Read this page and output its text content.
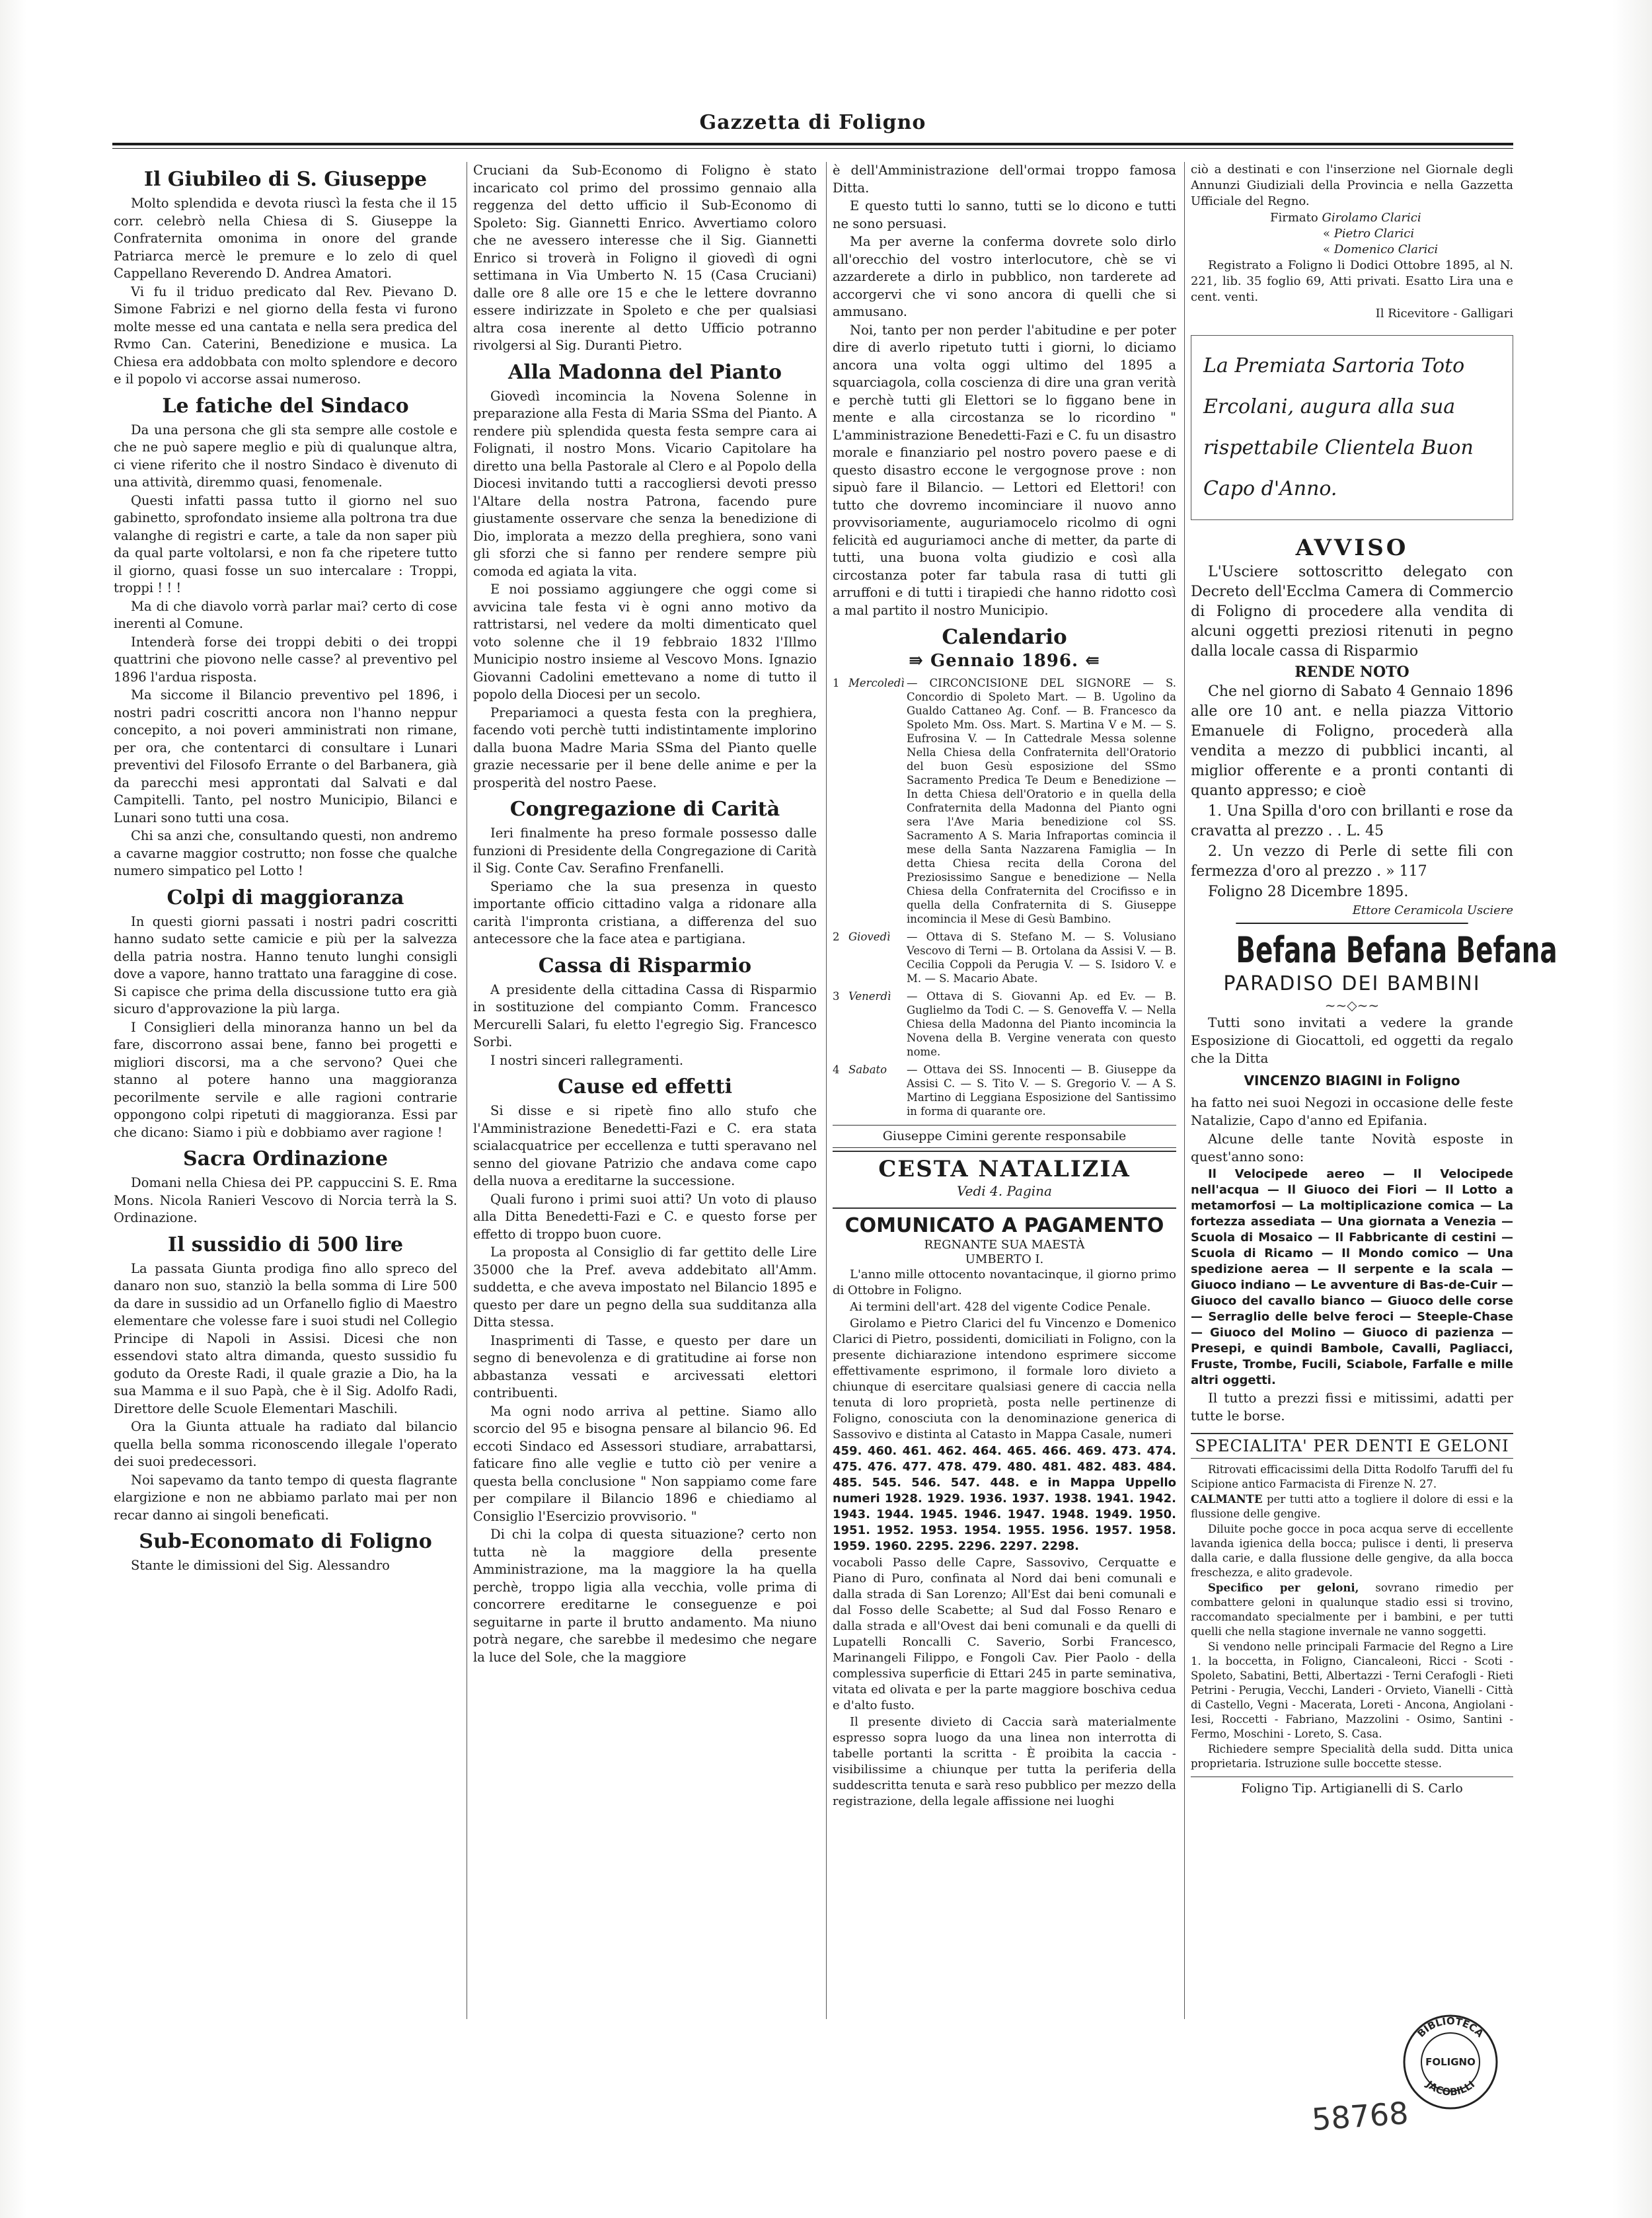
Gazzetta di Foligno
Il Giubileo di S. Giuseppe

Molto splendida e devota riuscì la festa che il 15 corr. celebrò nella Chiesa di S. Giuseppe la Confraternita omonima in onore del grande Patriarca mercè le premure e lo zelo di quel Cappellano Reverendo D. Andrea Amatori.

Vi fu il triduo predicato dal Rev. Pievano D. Simone Fabrizi e nel giorno della festa vi furono molte messe ed una cantata e nella sera predica del Rvmo Can. Caterini, Benedizione e musica. La Chiesa era addobbata con molto splendore e decoro e il popolo vi accorse assai numeroso.

Le fatiche del Sindaco

Da una persona che gli sta sempre alle costole e che ne può sapere meglio e più di qualunque altra, ci viene riferito che il nostro Sindaco è divenuto di una attività, diremmo quasi, fenomenale.

Questi infatti passa tutto il giorno nel suo gabinetto, sprofondato insieme alla poltrona tra due valanghe di registri e carte, a tale da non saper più da qual parte voltolarsi, e non fa che ripetere tutto il giorno, quasi fosse un suo intercalare : Troppi, troppi ! ! !

Ma di che diavolo vorrà parlar mai? certo di cose inerenti al Comune.

Intenderà forse dei troppi debiti o dei troppi quattrini che piovono nelle casse? al preventivo pel 1896 l'ardua risposta.

Ma siccome il Bilancio preventivo pel 1896, i nostri padri coscritti ancora non l'hanno neppur concepito, a noi poveri amministrati non rimane, per ora, che contentarci di consultare i Lunari preventivi del Filosofo Errante o del Barbanera, già da parecchi mesi approntati dal Salvati e dal Campitelli. Tanto, pel nostro Municipio, Bilanci e Lunari sono tutti una cosa.

Chi sa anzi che, consultando questi, non andremo a cavarne maggior costrutto; non fosse che qualche numero simpatico pel Lotto !

Colpi di maggioranza

In questi giorni passati i nostri padri coscritti hanno sudato sette camicie e più per la salvezza della patria nostra. Hanno tenuto lunghi consigli dove a vapore, hanno trattato una faraggine di cose. Si capisce che prima della discussione tutto era già sicuro d'approvazione la più larga.

I Consiglieri della minoranza hanno un bel da fare, discorrono assai bene, fanno bei progetti e migliori discorsi, ma a che servono? Quei che stanno al potere hanno una maggioranza pecorilmente servile e alle ragioni contrarie oppongono colpi ripetuti di maggioranza. Essi par che dicano: Siamo i più e dobbiamo aver ragione !

Sacra Ordinazione

Domani nella Chiesa dei PP. cappuccini S. E. Rma Mons. Nicola Ranieri Vescovo di Norcia terrà la S. Ordinazione.

Il sussidio di 500 lire

La passata Giunta prodiga fino allo spreco del danaro non suo, stanziò la bella somma di Lire 500 da dare in sussidio ad un Orfanello figlio di Maestro elementare che volesse fare i suoi studi nel Collegio Principe di Napoli in Assisi. Dicesi che non essendovi stato altra dimanda, questo sussidio fu goduto da Oreste Radi, il quale grazie a Dio, ha la sua Mamma e il suo Papà, che è il Sig. Adolfo Radi, Direttore delle Scuole Elementari Maschili.

Ora la Giunta attuale ha radiato dal bilancio quella bella somma riconoscendo illegale l'operato dei suoi predecessori.

Noi sapevamo da tanto tempo di questa flagrante elargizione e non ne abbiamo parlato mai per non recar danno ai singoli beneficati.

Sub-Economato di Foligno

Stante le dimissioni del Sig. Alessandro

Cruciani da Sub-Economo di Foligno è stato incaricato col primo del prossimo gennaio alla reggenza del detto ufficio il Sub-Economo di Spoleto: Sig. Giannetti Enrico. Avvertiamo coloro che ne avessero interesse che il Sig. Giannetti Enrico si troverà in Foligno il giovedì di ogni settimana in Via Umberto N. 15 (Casa Cruciani) dalle ore 8 alle ore 15 e che le lettere dovranno essere indirizzate in Spoleto e che per qualsiasi altra cosa inerente al detto Ufficio potranno rivolgersi al Sig. Duranti Pietro.

Alla Madonna del Pianto

Giovedì incomincia la Novena Solenne in preparazione alla Festa di Maria SSma del Pianto. A rendere più splendida questa festa sempre cara ai Folignati, il nostro Mons. Vicario Capitolare ha diretto una bella Pastorale al Clero e al Popolo della Diocesi invitando tutti a raccogliersi devoti presso l'Altare della nostra Patrona, facendo pure giustamente osservare che senza la benedizione di Dio, implorata a mezzo della preghiera, sono vani gli sforzi che si fanno per rendere sempre più comoda ed agiata la vita.

E noi possiamo aggiungere che oggi come si avvicina tale festa vi è ogni anno motivo da rattristarsi, nel vedere da molti dimenticato quel voto solenne che il 19 febbraio 1832 l'Illmo Municipio nostro insieme al Vescovo Mons. Ignazio Giovanni Cadolini emettevano a nome di tutto il popolo della Diocesi per un secolo.

Prepariamoci a questa festa con la preghiera, facendo voti perchè tutti indistintamente implorino dalla buona Madre Maria SSma del Pianto quelle grazie necessarie per il bene delle anime e per la prosperità del nostro Paese.

Congregazione di Carità

Ieri finalmente ha preso formale possesso dalle funzioni di Presidente della Congregazione di Carità il Sig. Conte Cav. Serafino Frenfanelli.

Speriamo che la sua presenza in questo importante officio cittadino valga a ridonare alla carità l'impronta cristiana, a differenza del suo antecessore che la face atea e partigiana.

Cassa di Risparmio

A presidente della cittadina Cassa di Risparmio in sostituzione del compianto Comm. Francesco Mercurelli Salari, fu eletto l'egregio Sig. Francesco Sorbi.

I nostri sinceri rallegramenti.

Cause ed effetti

Si disse e si ripetè fino allo stufo che l'Amministrazione Benedetti-Fazi e C. era stata scialacquatrice per eccellenza e tutti speravano nel senno del giovane Patrizio che andava come capo della nuova a ereditarne la successione.

Quali furono i primi suoi atti? Un voto di plauso alla Ditta Benedetti-Fazi e C. e questo forse per effetto di troppo buon cuore.

La proposta al Consiglio di far gettito delle Lire 35000 che la Pref. aveva addebitato all'Amm. suddetta, e che aveva impostato nel Bilancio 1895 e questo per dare un pegno della sua sudditanza alla Ditta stessa.

Inasprimenti di Tasse, e questo per dare un segno di benevolenza e di gratitudine ai forse non abbastanza vessati e arcivessati elettori contribuenti.

Ma ogni nodo arriva al pettine. Siamo allo scorcio del 95 e bisogna pensare al bilancio 96. Ed eccoti Sindaco ed Assessori studiare, arrabattarsi, faticare fino alle veglie e tutto ciò per venire a questa bella conclusione " Non sappiamo come fare per compilare il Bilancio 1896 e chiediamo al Consiglio l'Esercizio provvisorio. "

Di chi la colpa di questa situazione? certo non tutta nè la maggiore della presente Amministrazione, ma la maggiore la ha quella perchè, troppo ligia alla vecchia, volle prima di concorrere ereditarne le conseguenze e poi seguitarne in parte il brutto andamento. Ma niuno potrà negare, che sarebbe il medesimo che negare la luce del Sole, che la maggiore

è dell'Amministrazione dell'ormai troppo famosa Ditta.

E questo tutti lo sanno, tutti se lo dicono e tutti ne sono persuasi.

Ma per averne la conferma dovrete solo dirlo all'orecchio del vostro interlocutore, chè se vi azzarderete a dirlo in pubblico, non tarderete ad accorgervi che vi sono ancora di quelli che si ammusano.

Noi, tanto per non perder l'abitudine e per poter dire di averlo ripetuto tutti i giorni, lo diciamo ancora una volta oggi ultimo del 1895 a squarciagola, colla coscienza di dire una gran verità e perchè tutti gli Elettori se lo figgano bene in mente e alla circostanza se lo ricordino " L'amministrazione Benedetti-Fazi e C. fu un disastro morale e finanziario pel nostro povero paese e di questo disastro eccone le vergognose prove : non sipuò fare il Bilancio. — Lettori ed Elettori! con tutto che dovremo incominciare il nuovo anno provvisoriamente, auguriamocelo ricolmo di ogni felicità ed auguriamoci anche di metter, da parte di tutti, una buona volta giudizio e così alla circostanza poter far tabula rasa di tutti gli arruffoni e di tutti i tirapiedi che hanno ridotto così a mal partito il nostro Municipio.

Calendario
⇛ Gennaio 1896. ⇚
1 Mercoledì — CIRCONCISIONE DEL SIGNORE — S. Concordio di Spoleto Mart. — B. Ugolino da Gualdo Cattaneo Ag. Conf. — B. Francesco da Spoleto Mm. Oss. Mart. S. Martina V e M. — S. Eufrosina V. — In Cattedrale Messa solenne Nella Chiesa della Confraternita dell'Oratorio del buon Gesù esposizione del SSmo Sacramento Predica Te Deum e Benedizione — In detta Chiesa dell'Oratorio e in quella della Confraternita della Madonna del Pianto ogni sera l'Ave Maria benedizione col SS. Sacramento A S. Maria Infraportas comincia il mese della Santa Nazzarena Famiglia — In detta Chiesa recita della Corona del Preziosissimo Sangue e benedizione — Nella Chiesa della Confraternita del Crocifisso e in quella della Confraternita di S. Giuseppe incomincia il Mese di Gesù Bambino.
2 Giovedì	— Ottava di S. Stefano M. — S. Volusiano Vescovo di Terni — B. Ortolana da Assisi V. — B. Cecilia Coppoli da Perugia V. — S. Isidoro V. e M. — S. Macario Abate.
3 Venerdì	— Ottava di S. Giovanni Ap. ed Ev. — B. Guglielmo da Todi C. — S. Genoveffa V. — Nella Chiesa della Madonna del Pianto incomincia la Novena della B. Vergine venerata con questo nome.
4 Sabato	— Ottava dei SS. Innocenti — B. Giuseppe da Assisi C. — S. Tito V. — S. Gregorio V. — A S. Martino di Leggiana Esposizione del Santissimo in forma di quarante ore.
Giuseppe Cimini gerente responsabile
CESTA NATALIZIA
Vedi 4. Pagina
COMUNICATO A PAGAMENTO
REGNANTE SUA MAESTÀ
UMBERTO I.

L'anno mille ottocento novantacinque, il giorno primo di Ottobre in Foligno.

Ai termini dell'art. 428 del vigente Codice Penale.

Girolamo e Pietro Clarici del fu Vincenzo e Domenico Clarici di Pietro, possidenti, domiciliati in Foligno, con la presente dichiarazione intendono esprimere siccome effettivamente esprimono, il formale loro divieto a chiunque di esercitare qualsiasi genere di caccia nella tenuta di loro proprietà, posta nelle pertinenze di Foligno, conosciuta con la denominazione generica di Sassovivo e distinta al Catasto in Mappa Casale, numeri

459. 460. 461. 462. 464. 465. 466. 469. 473. 474. 475. 476. 477. 478. 479. 480. 481. 482. 483. 484. 485. 545. 546. 547. 448. e in Mappa Uppello numeri 1928. 1929. 1936. 1937. 1938. 1941. 1942. 1943. 1944. 1945. 1946. 1947. 1948. 1949. 1950. 1951. 1952. 1953. 1954. 1955. 1956. 1957. 1958. 1959. 1960. 2295. 2296. 2297. 2298.

vocaboli Passo delle Capre, Sassovivo, Cerquatte e Piano di Puro, confinata al Nord dai beni comunali e dalla strada di San Lorenzo; All'Est dai beni comunali e dal Fosso delle Scabette; al Sud dal Fosso Renaro e dalla strada e all'Ovest dai beni comunali e da quelli di Lupatelli Roncalli C. Saverio, Sorbi Francesco, Marinangeli Filippo, e Fongoli Cav. Pier Paolo - della complessiva superficie di Ettari 245 in parte seminativa, vitata ed olivata e per la parte maggiore boschiva cedua e d'alto fusto.

Il presente divieto di Caccia sarà materialmente espresso sopra luogo da una linea non interrotta di tabelle portanti la scritta - È proibita la caccia - visibilissime a chiunque per tutta la periferia della suddescritta tenuta e sarà reso pubblico per mezzo della registrazione, della legale affissione nei luoghi

ciò a destinati e con l'inserzione nel Giornale degli Annunzi Giudiziali della Provincia e nella Gazzetta Ufficiale del Regno.

Firmato Girolamo Clarici
« Pietro Clarici
« Domenico Clarici

Registrato a Foligno li Dodici Ottobre 1895, al N. 221, lib. 35 foglio 69, Atti privati. Esatto Lira una e cent. venti.

Il Ricevitore - Galligari

La Premiata Sartoria Toto Ercolani, augura alla sua rispettabile Clientela Buon Capo d'Anno.
AVVISO

L'Usciere sottoscritto delegato con Decreto dell'Ecclma Camera di Commercio di Foligno di procedere alla vendita di alcuni oggetti preziosi ritenuti in pegno dalla locale cassa di Risparmio

RENDE NOTO

Che nel giorno di Sabato 4 Gennaio 1896 alle ore 10 ant. e nella piazza Vittorio Emanuele di Foligno, procederà alla vendita a mezzo di pubblici incanti, al miglior offerente e a pronti contanti di quanto appresso; e cioè

1. Una Spilla d'oro con brillanti e rose da cravatta al prezzo . . L. 45

2. Un vezzo di Perle di sette fili con fermezza d'oro al prezzo . » 117

Foligno 28 Dicembre 1895.

Ettore Ceramicola Usciere
Befana Befana Befana
PARADISO DEI BAMBINI
~~◇~~

Tutti sono invitati a vedere la grande Esposizione di Giocattoli, ed oggetti da regalo che la Ditta

VINCENZO BIAGINI in Foligno

ha fatto nei suoi Negozi in occasione delle feste Natalizie, Capo d'anno ed Epifania.

Alcune delle tante Novità esposte in quest'anno sono:

Il Velocipede aereo — Il Velocipede nell'acqua — Il Giuoco dei Fiori — Il Lotto a metamorfosi — La moltiplicazione comica — La fortezza assediata — Una giornata a Venezia — Scuola di Mosaico — Il Fabbricante di cestini — Scuola di Ricamo — Il Mondo comico — Una spedizione aerea — Il serpente e la scala — Giuoco indiano — Le avventure di Bas-de-Cuir — Giuoco del cavallo bianco — Giuoco delle corse — Serraglio delle belve feroci — Steeple-Chase — Giuoco del Molino — Giuoco di pazienza — Presepi, e quindi Bambole, Cavalli, Pagliacci, Fruste, Trombe, Fucili, Sciabole, Farfalle e mille altri oggetti.

Il tutto a prezzi fissi e mitissimi, adatti per tutte le borse.

SPECIALITA' PER DENTI E GELONI

Ritrovati efficacissimi della Ditta Rodolfo Taruffi del fu Scipione antico Farmacista di Firenze N. 27.

CALMANTE per tutti atto a togliere il dolore di essi e la flussione delle gengive.

Diluite poche gocce in poca acqua serve di eccellente lavanda igienica della bocca; pulisce i denti, li preserva dalla carie, e dalla flussione delle gengive, da alla bocca freschezza, e alito gradevole.

Specifico per geloni, sovrano rimedio per combattere geloni in qualunque stadio essi si trovino, raccomandato specialmente per i bambini, e per tutti quelli che nella stagione invernale ne vanno soggetti.

Si vendono nelle principali Farmacie del Regno a Lire 1. la boccetta, in Foligno, Ciancaleoni, Ricci - Scoti - Spoleto, Sabatini, Betti, Albertazzi - Terni Cerafogli - Rieti Petrini - Perugia, Vecchi, Landeri - Orvieto, Vianelli - Città di Castello, Vegni - Macerata, Loreti - Ancona, Angiolani - Iesi, Roccetti - Fabriano, Mazzolini - Osimo, Santini - Fermo, Moschini - Loreto, S. Casa.

Richiedere sempre Specialità della sudd. Ditta unica proprietaria. Istruzione sulle boccette stesse.

Foligno Tip. Artigianelli di S. Carlo
BIBLIOTECA
JACOBILLI
FOLIGNO
58768
